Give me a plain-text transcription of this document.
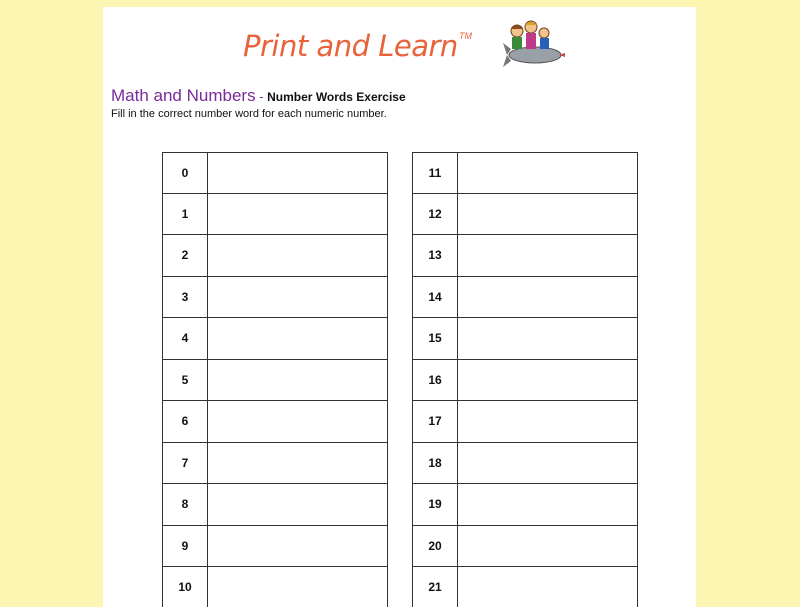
Print and Learn TM
Math and Numbers - Number Words Exercise
Fill in the correct number word for each numeric number.
0
1
2
3
4
5
6
7
8
9
10
11
12
13
14
15
16
17
18
19
20
21
